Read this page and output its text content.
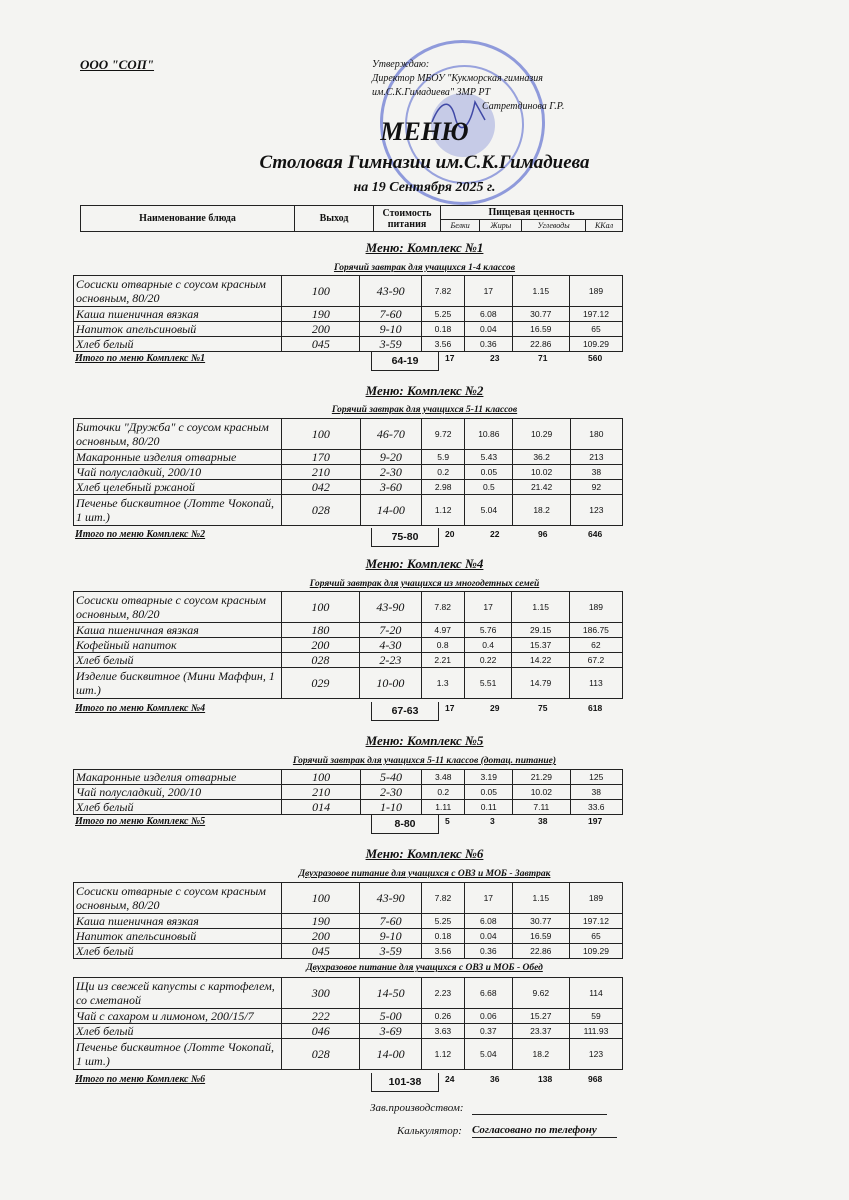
ООО "СОП"	Утверждаю:
Директор МБОУ "Кукморская гимназия
им.С.К.Гимадиева" ЗМР РТ
Сатретдинова Г.Р.
МЕНЮ
Столовая Гимназии им.С.К.Гимадиева
на 19 Сентября 2025 г.
Наименование блюда	Выход	Стоимость питания	Пищевая ценность			
			Белки	Жиры	Углеводы	ККал
Меню: Комплекс №1
Горячий завтрак для учащихся 1-4 классов
Сосиски отварные с соусом красным основным, 80/20	100	43-90	7.82	17	1.15	189
Каша пшеничная вязкая	190	7-60	5.25	6.08	30.77	197.12
Напиток апельсиновый	200	9-10	0.18	0.04	16.59	65
Хлеб белый	045	3-59	3.56	0.36	22.86	109.29
Итого по меню Комплекс №1	64-19	17	23	71	560
Меню: Комплекс №2
Горячий завтрак для учащихся 5-11 классов
Биточки "Дружба" с соусом красным основным, 80/20	100	46-70	9.72	10.86	10.29	180
Макаронные изделия отварные	170	9-20	5.9	5.43	36.2	213
Чай полусладкий, 200/10	210	2-30	0.2	0.05	10.02	38
Хлеб целебный ржаной	042	3-60	2.98	0.5	21.42	92
Печенье бисквитное (Лотте Чокопай, 1 шт.)	028	14-00	1.12	5.04	18.2	123
Итого по меню Комплекс №2	75-80	20	22	96	646
Меню: Комплекс №4
Горячий завтрак для учащихся из многодетных семей
Сосиски отварные с соусом красным основным, 80/20	100	43-90	7.82	17	1.15	189
Каша пшеничная вязкая	180	7-20	4.97	5.76	29.15	186.75
Кофейный напиток	200	4-30	0.8	0.4	15.37	62
Хлеб белый	028	2-23	2.21	0.22	14.22	67.2
Изделие бисквитное (Мини Маффин, 1 шт.)	029	10-00	1.3	5.51	14.79	113
Итого по меню Комплекс №4	67-63	17	29	75	618
Меню: Комплекс №5
Горячий завтрак для учащихся 5-11 классов (дотац. питание)
Макаронные изделия отварные	100	5-40	3.48	3.19	21.29	125
Чай полусладкий, 200/10	210	2-30	0.2	0.05	10.02	38
Хлеб белый	014	1-10	1.11	0.11	7.11	33.6
Итого по меню Комплекс №5	8-80	5	3	38	197
Меню: Комплекс №6
Двухразовое питание для учащихся с ОВЗ и МОБ - Завтрак
Сосиски отварные с соусом красным основным, 80/20	100	43-90	7.82	17	1.15	189
Каша пшеничная вязкая	190	7-60	5.25	6.08	30.77	197.12
Напиток апельсиновый	200	9-10	0.18	0.04	16.59	65
Хлеб белый	045	3-59	3.56	0.36	22.86	109.29
Двухразовое питание для учащихся с ОВЗ и МОБ - Обед
Щи из свежей капусты с картофелем, со сметаной	300	14-50	2.23	6.68	9.62	114
Чай с сахаром и лимоном, 200/15/7	222	5-00	0.26	0.06	15.27	59
Хлеб белый	046	3-69	3.63	0.37	23.37	111.93
Печенье бисквитное (Лотте Чокопай, 1 шт.)	028	14-00	1.12	5.04	18.2	123
Итого по меню Комплекс №6	101-38	24	36	138	968
Зав.производством:
Калькулятор: Согласовано по телефону
